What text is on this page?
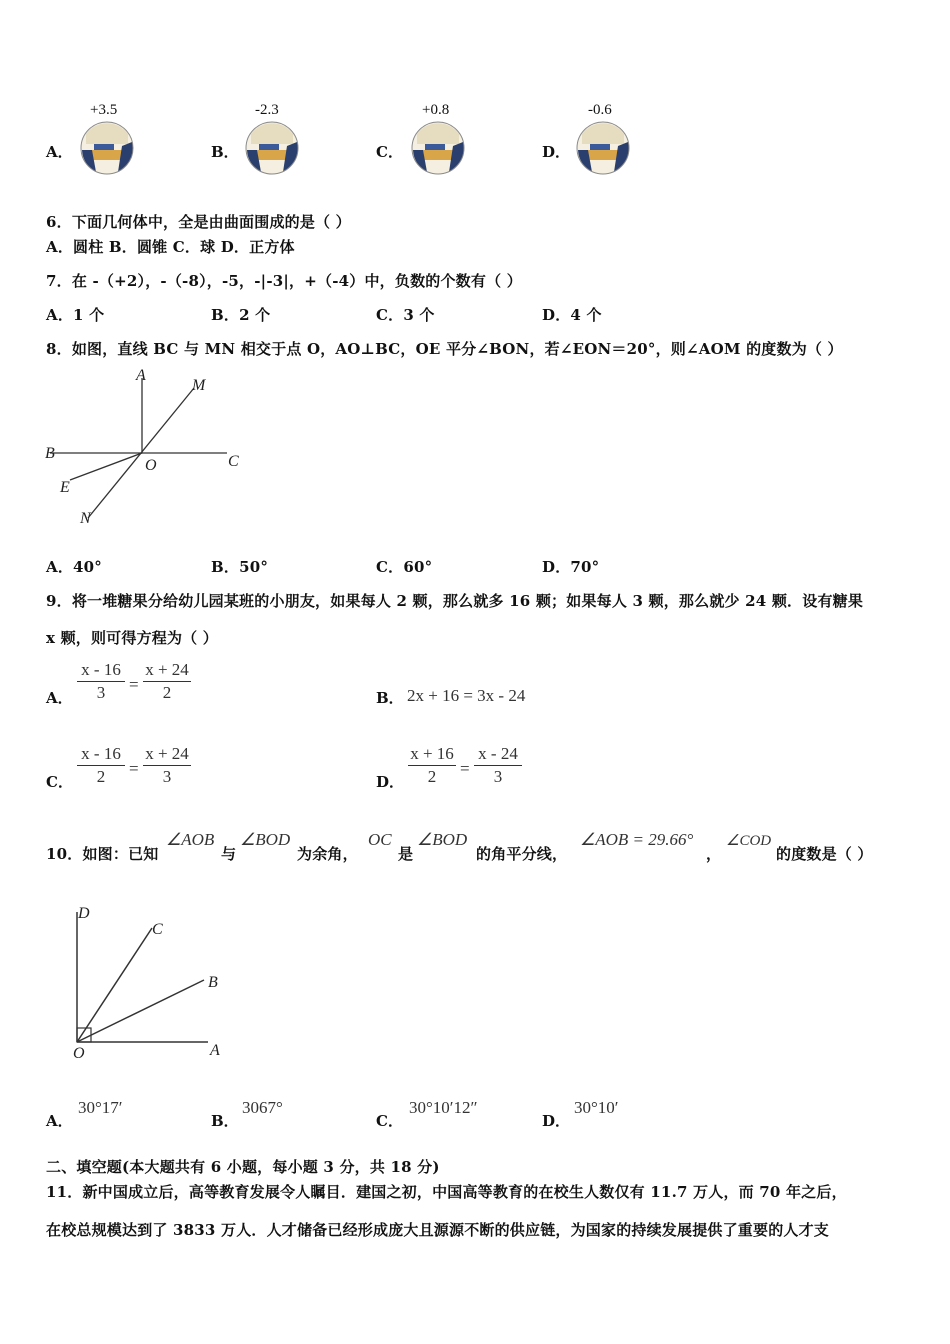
A．
+3.5
B．
-2.3
C．
+0.8
D．
-0.6
6．下面几何体中，全是由曲面围成的是（ ）
A．圆柱 B．圆锥 C．球 D．正方体
7．在 -（+2），-（-8），-5，-|-3|，+（-4）中，负数的个数有（ ）
A．1 个	B．2 个	C．3 个	D．4 个
8．如图，直线 BC 与 MN 相交于点 O，AO⊥BC，OE 平分∠BON，若∠EON＝20°，则∠AOM 的度数为（ ）
A
M
B
O	C
E
N
A．40°	B．50°	C．60°	D．70°
9．将一堆糖果分给幼儿园某班的小朋友，如果每人 2 颗，那么就多 16 颗；如果每人 3 颗，那么就少 24 颗．设有糖果
x 颗，则可得方程为（ ）
A．
x - 16
3	=
x + 24
2	B． 2x + 16 = 3x - 24
C．
x - 16
2	=
x + 24
3	D．
x + 16
2	=
x - 24
3
10．如图：已知
∠AOB
与
∠BOD
为余角，
OC
是
∠BOD
的角平分线，
∠AOB = 29.66°
，
∠COD
的度数是（ ）
D
C
B
O	A
A．
30°17′
B．
3067°
C．
30°10′12″
D．
30°10′
二、填空题(本大题共有 6 小题，每小题 3 分，共 18 分)
11．新中国成立后，高等教育发展令人瞩目．建国之初，中国高等教育的在校生人数仅有 11.7 万人，而 70 年之后，
在校总规模达到了 3833 万人．人才储备已经形成庞大且源源不断的供应链，为国家的持续发展提供了重要的人才支
